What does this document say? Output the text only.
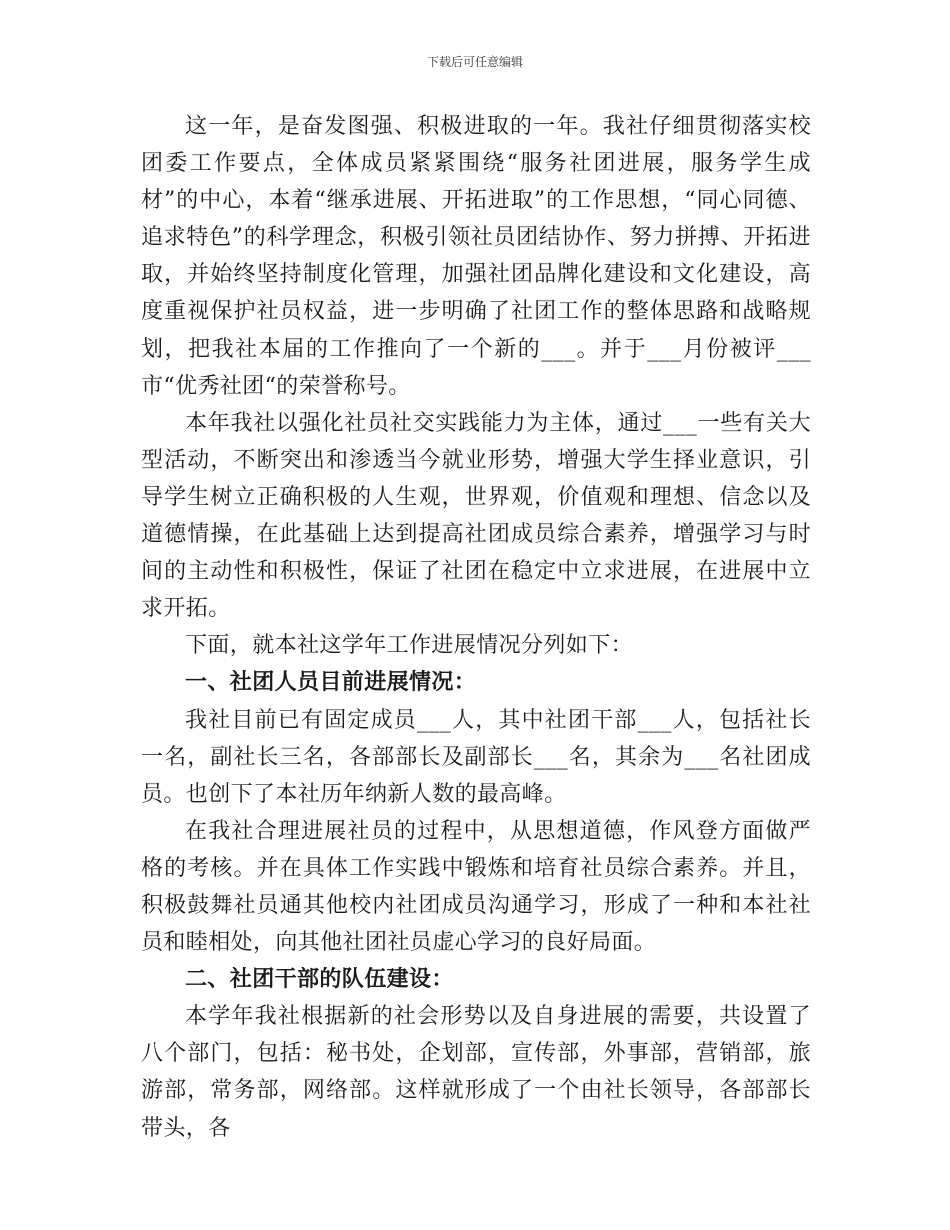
下载后可任意编辑

这一年，是奋发图强、积极进取的一年。我社仔细贯彻落实校团委工作要点，全体成员紧紧围绕“服务社团进展，服务学生成材”的中心，本着“继承进展、开拓进取”的工作思想，“同心同德、追求特色”的科学理念，积极引领社员团结协作、努力拼搏、开拓进取，并始终坚持制度化管理，加强社团品牌化建设和文化建设，高度重视保护社员权益，进一步明确了社团工作的整体思路和战略规划，把我社本届的工作推向了一个新的___。并于___月份被评___市“优秀社团“的荣誉称号。

本年我社以强化社员社交实践能力为主体，通过___一些有关大型活动，不断突出和渗透当今就业形势，增强大学生择业意识，引导学生树立正确积极的人生观，世界观，价值观和理想、信念以及道德情操，在此基础上达到提高社团成员综合素养，增强学习与时间的主动性和积极性，保证了社团在稳定中立求进展，在进展中立求开拓。

下面，就本社这学年工作进展情况分列如下：

一、社团人员目前进展情况：

我社目前已有固定成员___人，其中社团干部___人，包括社长一名，副社长三名，各部部长及副部长___名，其余为___名社团成员。也创下了本社历年纳新人数的最高峰。

在我社合理进展社员的过程中，从思想道德，作风登方面做严格的考核。并在具体工作实践中锻炼和培育社员综合素养。并且，积极鼓舞社员通其他校内社团成员沟通学习，形成了一种和本社社员和睦相处，向其他社团社员虚心学习的良好局面。

二、社团干部的队伍建设：

本学年我社根据新的社会形势以及自身进展的需要，共设置了八个部门，包括：秘书处，企划部，宣传部，外事部，营销部，旅游部，常务部，网络部。这样就形成了一个由社长领导，各部部长带头，各
